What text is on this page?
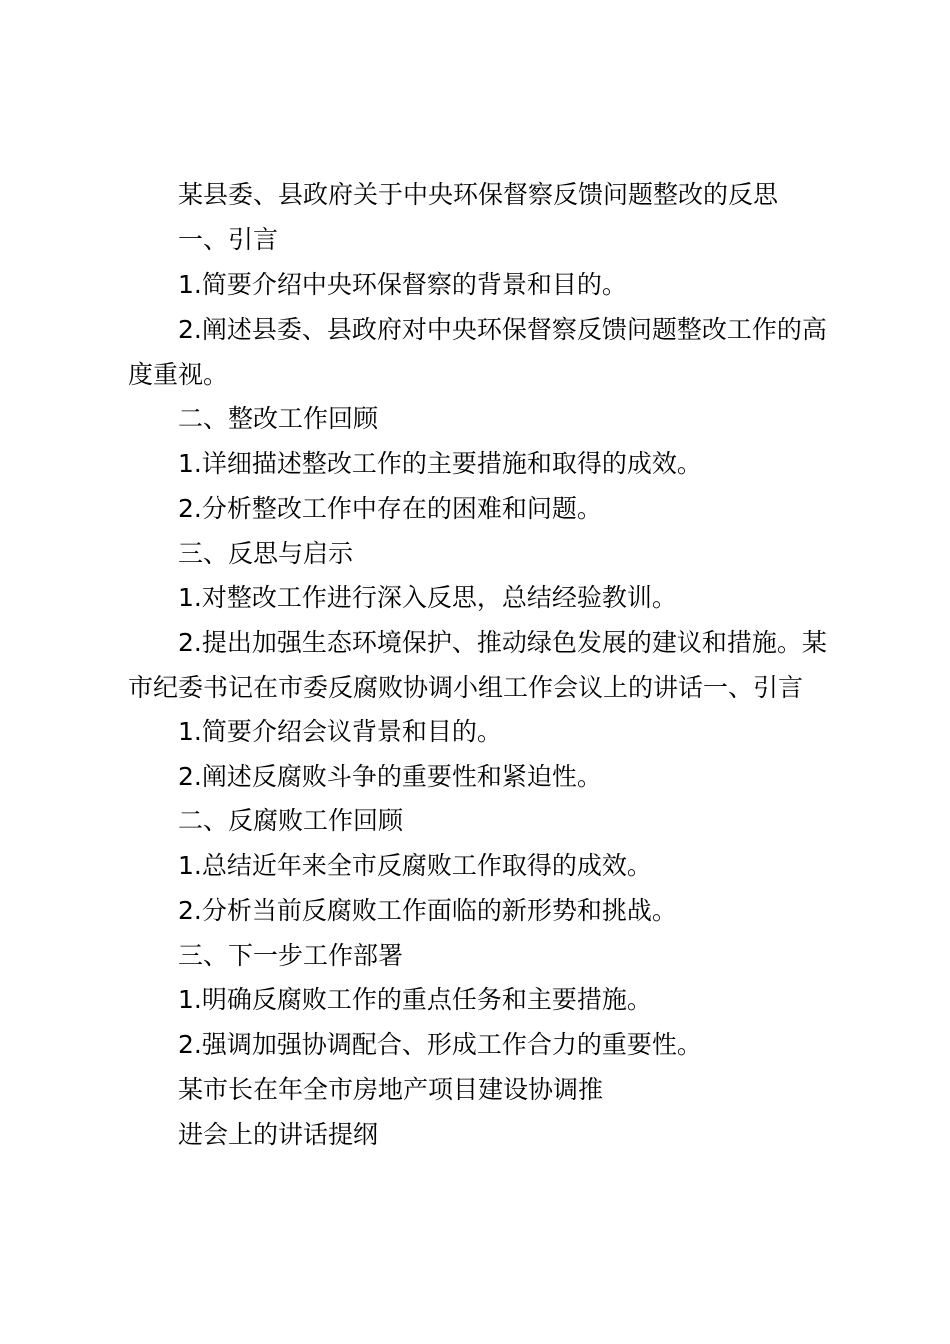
某县委、县政府关于中央环保督察反馈问题整改的反思
一、引言
1.简要介绍中央环保督察的背景和目的。
2.阐述县委、县政府对中央环保督察反馈问题整改工作的高
度重视。
二、整改工作回顾
1.详细描述整改工作的主要措施和取得的成效。
2.分析整改工作中存在的困难和问题。
三、反思与启示
1.对整改工作进行深入反思，总结经验教训。
2.提出加强生态环境保护、推动绿色发展的建议和措施。某
市纪委书记在市委反腐败协调小组工作会议上的讲话一、引言
1.简要介绍会议背景和目的。
2.阐述反腐败斗争的重要性和紧迫性。
二、反腐败工作回顾
1.总结近年来全市反腐败工作取得的成效。
2.分析当前反腐败工作面临的新形势和挑战。
三、下一步工作部署
1.明确反腐败工作的重点任务和主要措施。
2.强调加强协调配合、形成工作合力的重要性。
某市长在年全市房地产项目建设协调推
进会上的讲话提纲
